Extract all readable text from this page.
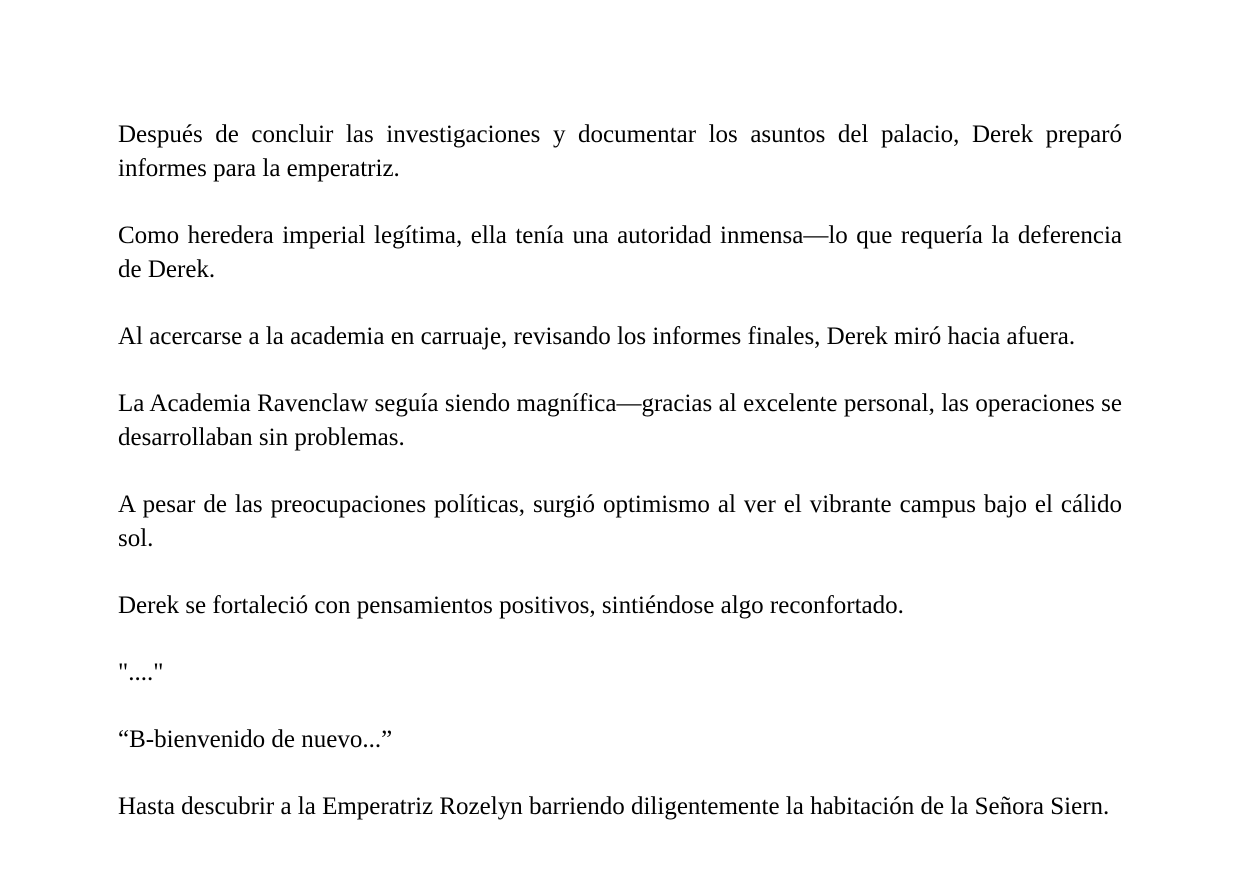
Después de concluir las investigaciones y documentar los asuntos del palacio, Derek preparó informes para la emperatriz.

Como heredera imperial legítima, ella tenía una autoridad inmensa—lo que requería la deferencia de Derek.

Al acercarse a la academia en carruaje, revisando los informes finales, Derek miró hacia afuera.

La Academia Ravenclaw seguía siendo magnífica—gracias al excelente personal, las operaciones se desarrollaban sin problemas.

A pesar de las preocupaciones políticas, surgió optimismo al ver el vibrante campus bajo el cálido sol.

Derek se fortaleció con pensamientos positivos, sintiéndose algo reconfortado.

"...."

“B-bienvenido de nuevo...”

Hasta descubrir a la Emperatriz Rozelyn barriendo diligentemente la habitación de la Señora Siern.
